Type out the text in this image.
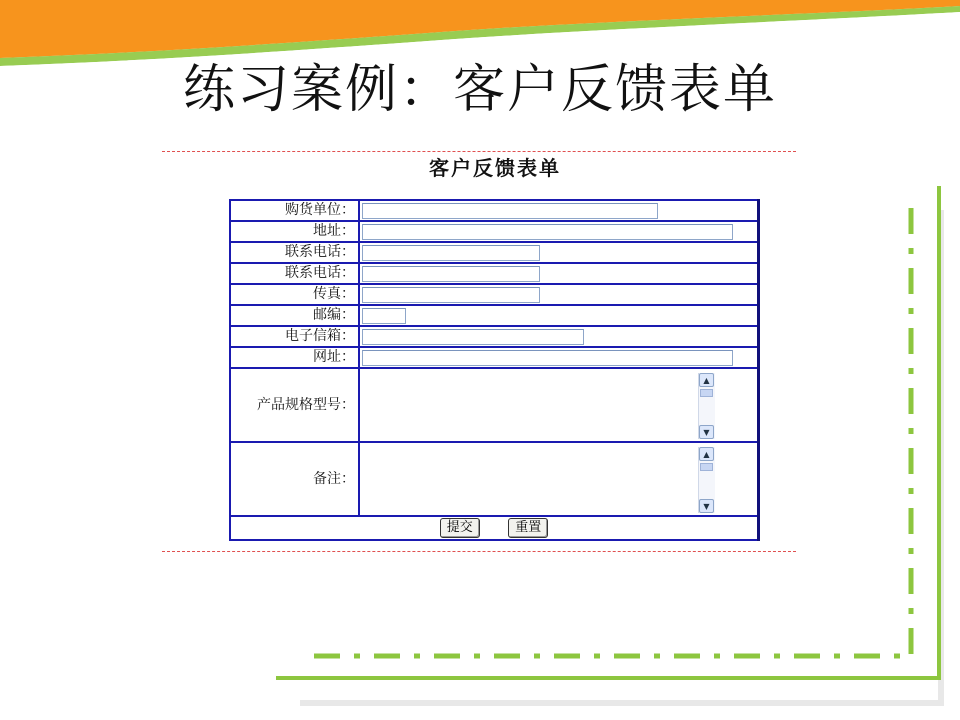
练习案例：客户反馈表单
客户反馈表单
购货单位：	

地址：	

联系电话：	

联系电话：	

传真：	

邮编：	

电子信箱：	

网址：	

产品规格型号：	▲
▼

备注：	▲
▼

提交 重置	
